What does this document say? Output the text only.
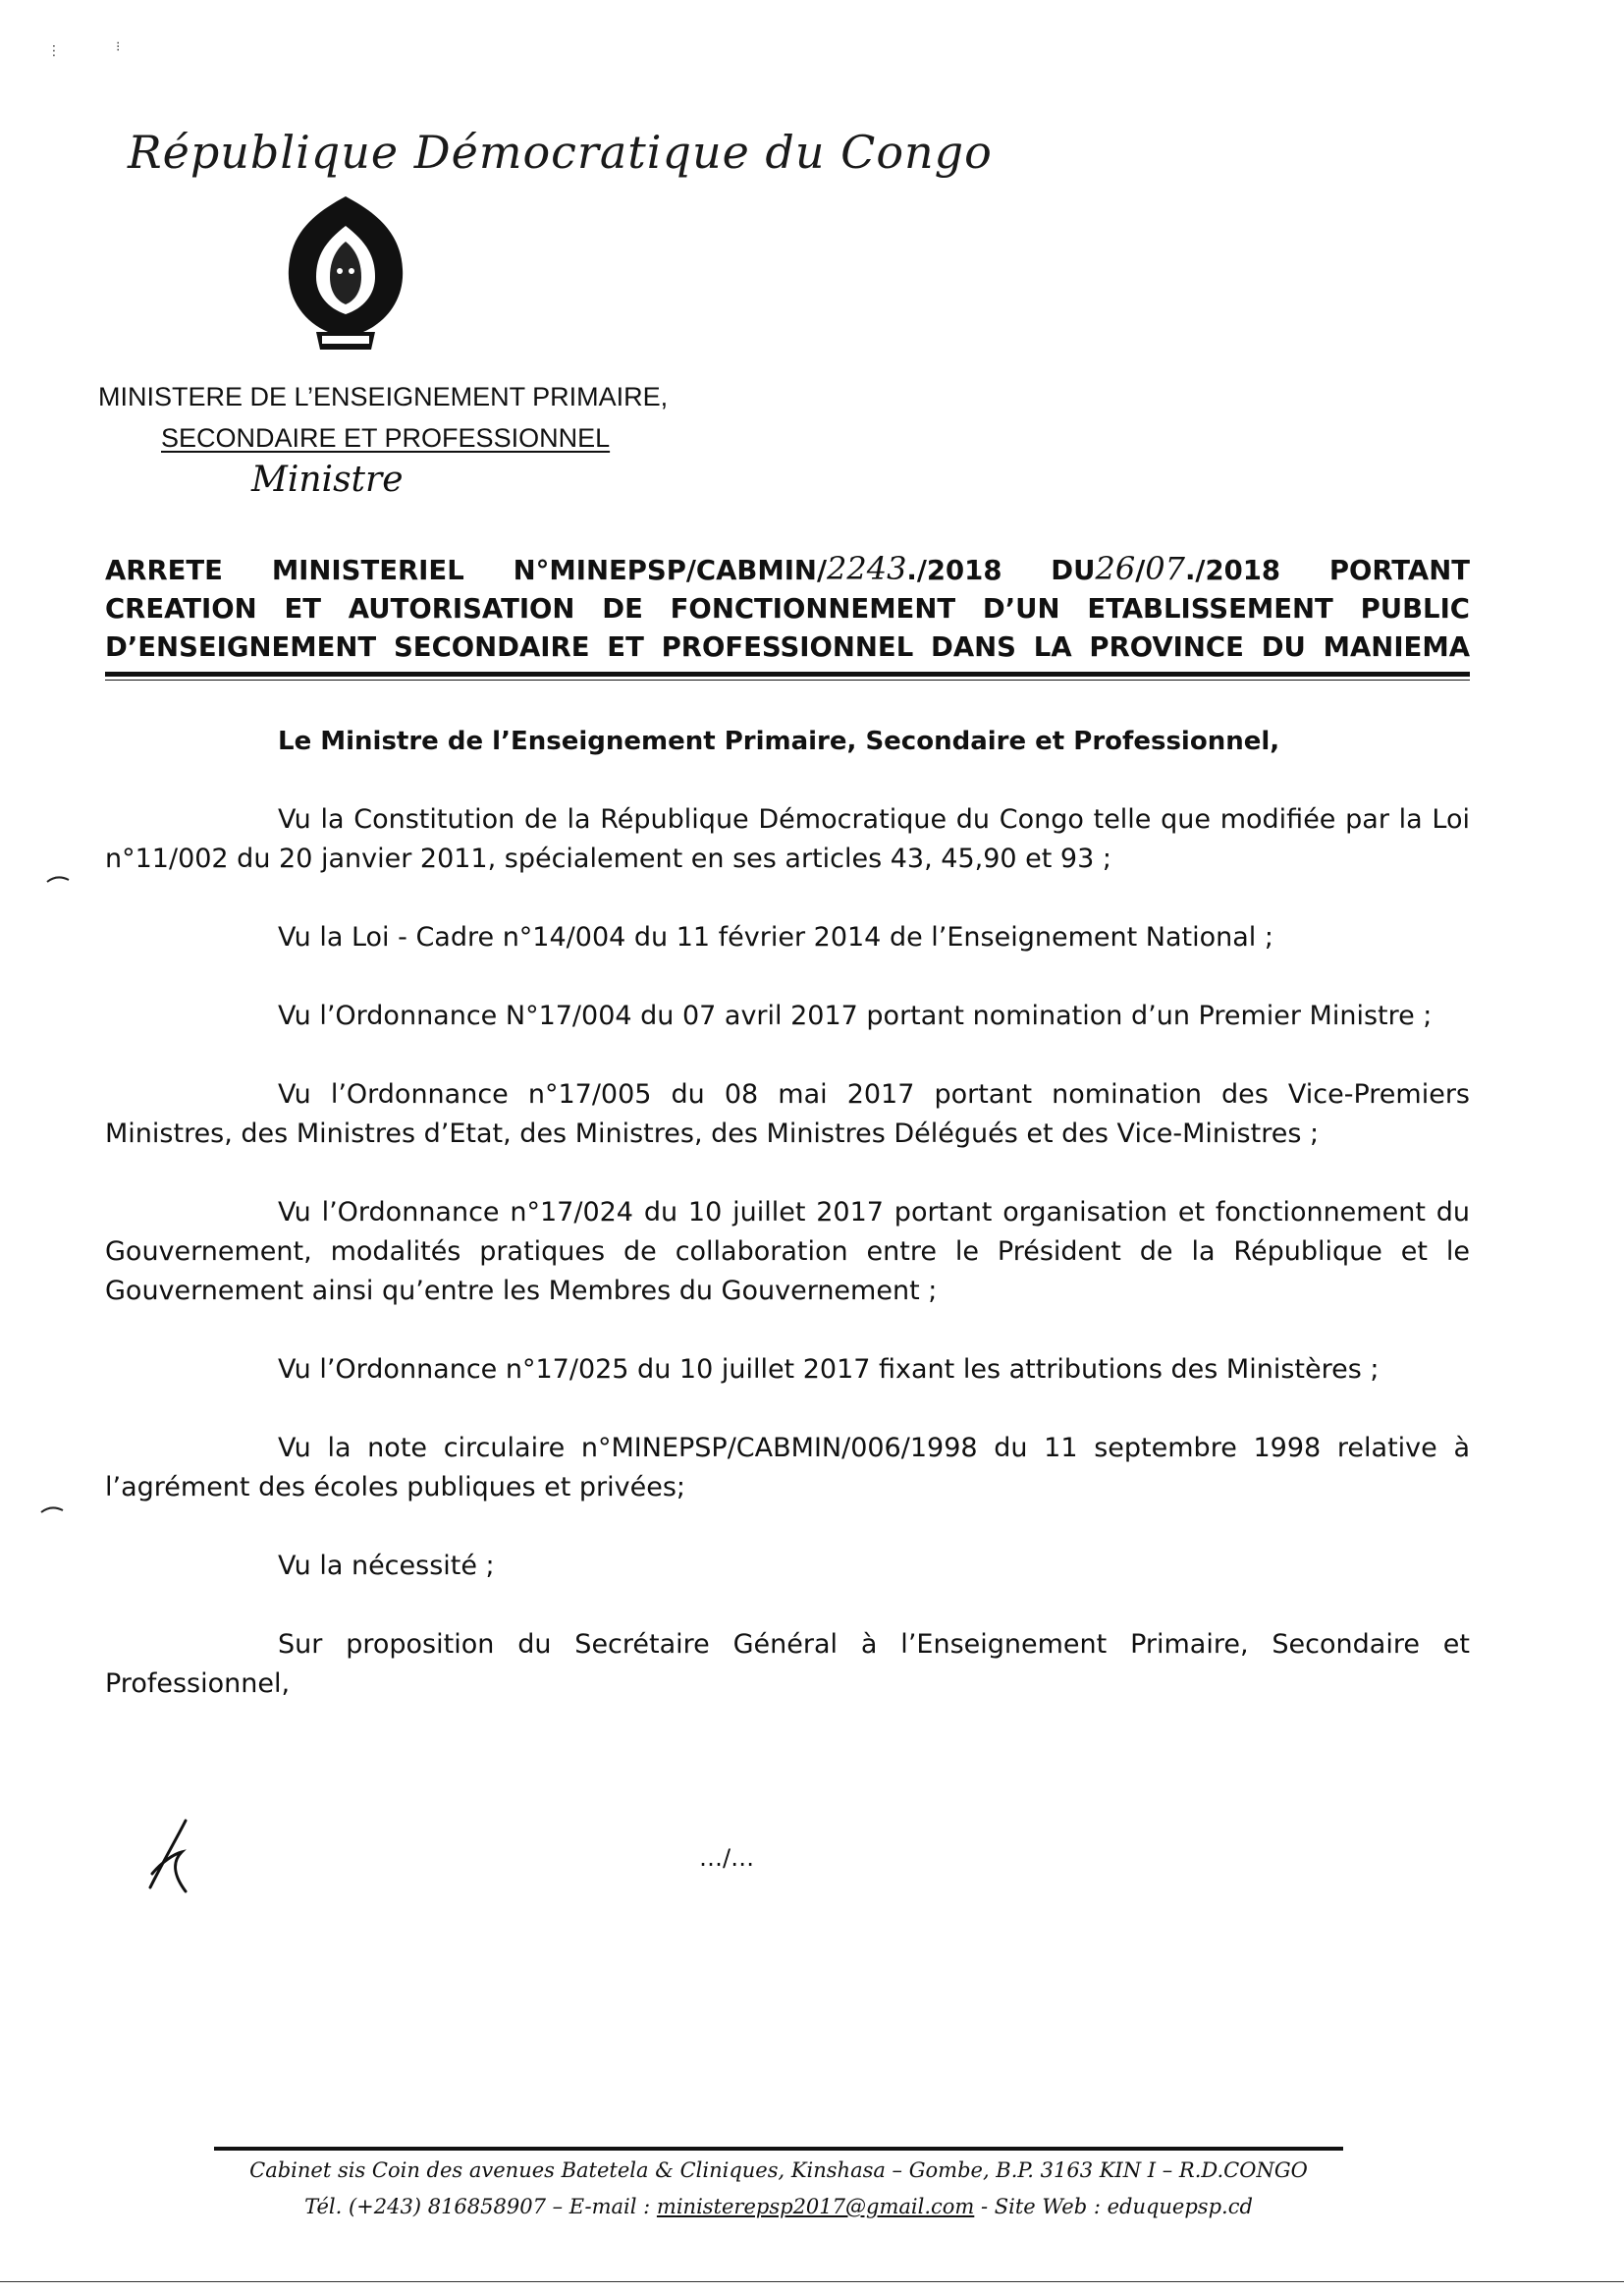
⋮	⁝
République Démocratique du Congo
MINISTERE DE L’ENSEIGNEMENT PRIMAIRE,
SECONDAIRE ET PROFESSIONNEL
Ministre
ARRETE MINISTERIEL N°MINEPSP/CABMIN/2243./2018 DU26/07./2018 PORTANT
CREATION ET AUTORISATION DE FONCTIONNEMENT D’UN ETABLISSEMENT PUBLIC
D’ENSEIGNEMENT SECONDAIRE ET PROFESSIONNEL DANS LA PROVINCE DU MANIEMA
Le Ministre de l’Enseignement Primaire, Secondaire et Professionnel,

Vu la Constitution de la République Démocratique du Congo telle que modifiée par la Loi n°11/002 du 20 janvier 2011, spécialement en ses articles 43, 45,90 et 93 ;

Vu la Loi - Cadre n°14/004 du 11 février 2014 de l’Enseignement National ;

Vu l’Ordonnance N°17/004 du 07 avril 2017 portant nomination d’un Premier Ministre ;

Vu l’Ordonnance n°17/005 du 08 mai 2017 portant nomination des Vice-Premiers Ministres, des Ministres d’Etat, des Ministres, des Ministres Délégués et des Vice-Ministres ;

Vu l’Ordonnance n°17/024 du 10 juillet 2017 portant organisation et fonctionnement du Gouvernement, modalités pratiques de collaboration entre le Président de la République et le Gouvernement ainsi qu’entre les Membres du Gouvernement ;

Vu l’Ordonnance n°17/025 du 10 juillet 2017 fixant les attributions des Ministères ;

Vu la note circulaire n°MINEPSP/CABMIN/006/1998 du 11 septembre 1998 relative à l’agrément des écoles publiques et privées;

Vu la nécessité ;

Sur proposition du Secrétaire Général à l’Enseignement Primaire, Secondaire et Professionnel,

…/…
Cabinet sis Coin des avenues Batetela & Cliniques, Kinshasa – Gombe, B.P. 3163 KIN I – R.D.CONGO
Tél. (+243) 816858907 – E-mail : ministerepsp2017@gmail.com - Site Web : eduquepsp.cd
